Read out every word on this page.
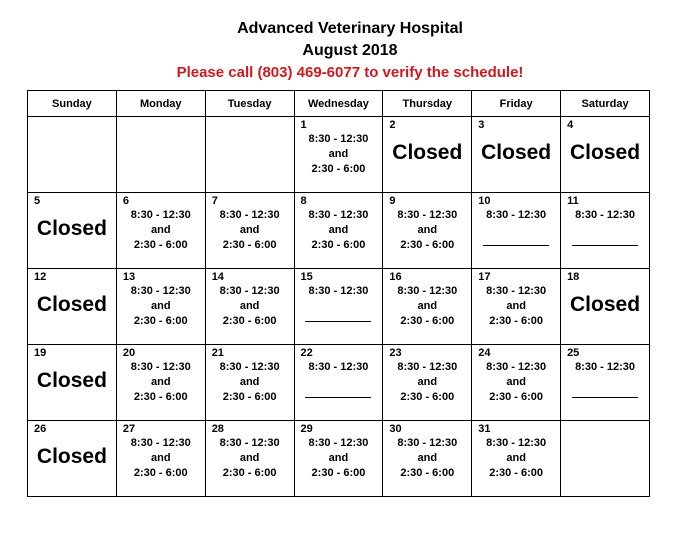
Advanced Veterinary Hospital
August 2018
Please call (803) 469-6077 to verify the schedule!
Sunday	Monday	Tuesday	Wednesday	Thursday	Friday	Saturday

			1
8:30 - 12:30
and
2:30 - 6:00	2
Closed	3
Closed	4
Closed

5
Closed	6
8:30 - 12:30
and
2:30 - 6:00	7
8:30 - 12:30
and
2:30 - 6:00	8
8:30 - 12:30
and
2:30 - 6:00	9
8:30 - 12:30
and
2:30 - 6:00	10
8:30 - 12:30	11
8:30 - 12:30

12
Closed	13
8:30 - 12:30
and
2:30 - 6:00	14
8:30 - 12:30
and
2:30 - 6:00	15
8:30 - 12:30	16
8:30 - 12:30
and
2:30 - 6:00	17
8:30 - 12:30
and
2:30 - 6:00	18
Closed

19
Closed	20
8:30 - 12:30
and
2:30 - 6:00	21
8:30 - 12:30
and
2:30 - 6:00	22
8:30 - 12:30	23
8:30 - 12:30
and
2:30 - 6:00	24
8:30 - 12:30
and
2:30 - 6:00	25
8:30 - 12:30

26
Closed	27
8:30 - 12:30
and
2:30 - 6:00	28
8:30 - 12:30
and
2:30 - 6:00	29
8:30 - 12:30
and
2:30 - 6:00	30
8:30 - 12:30
and
2:30 - 6:00	31
8:30 - 12:30
and
2:30 - 6:00	
